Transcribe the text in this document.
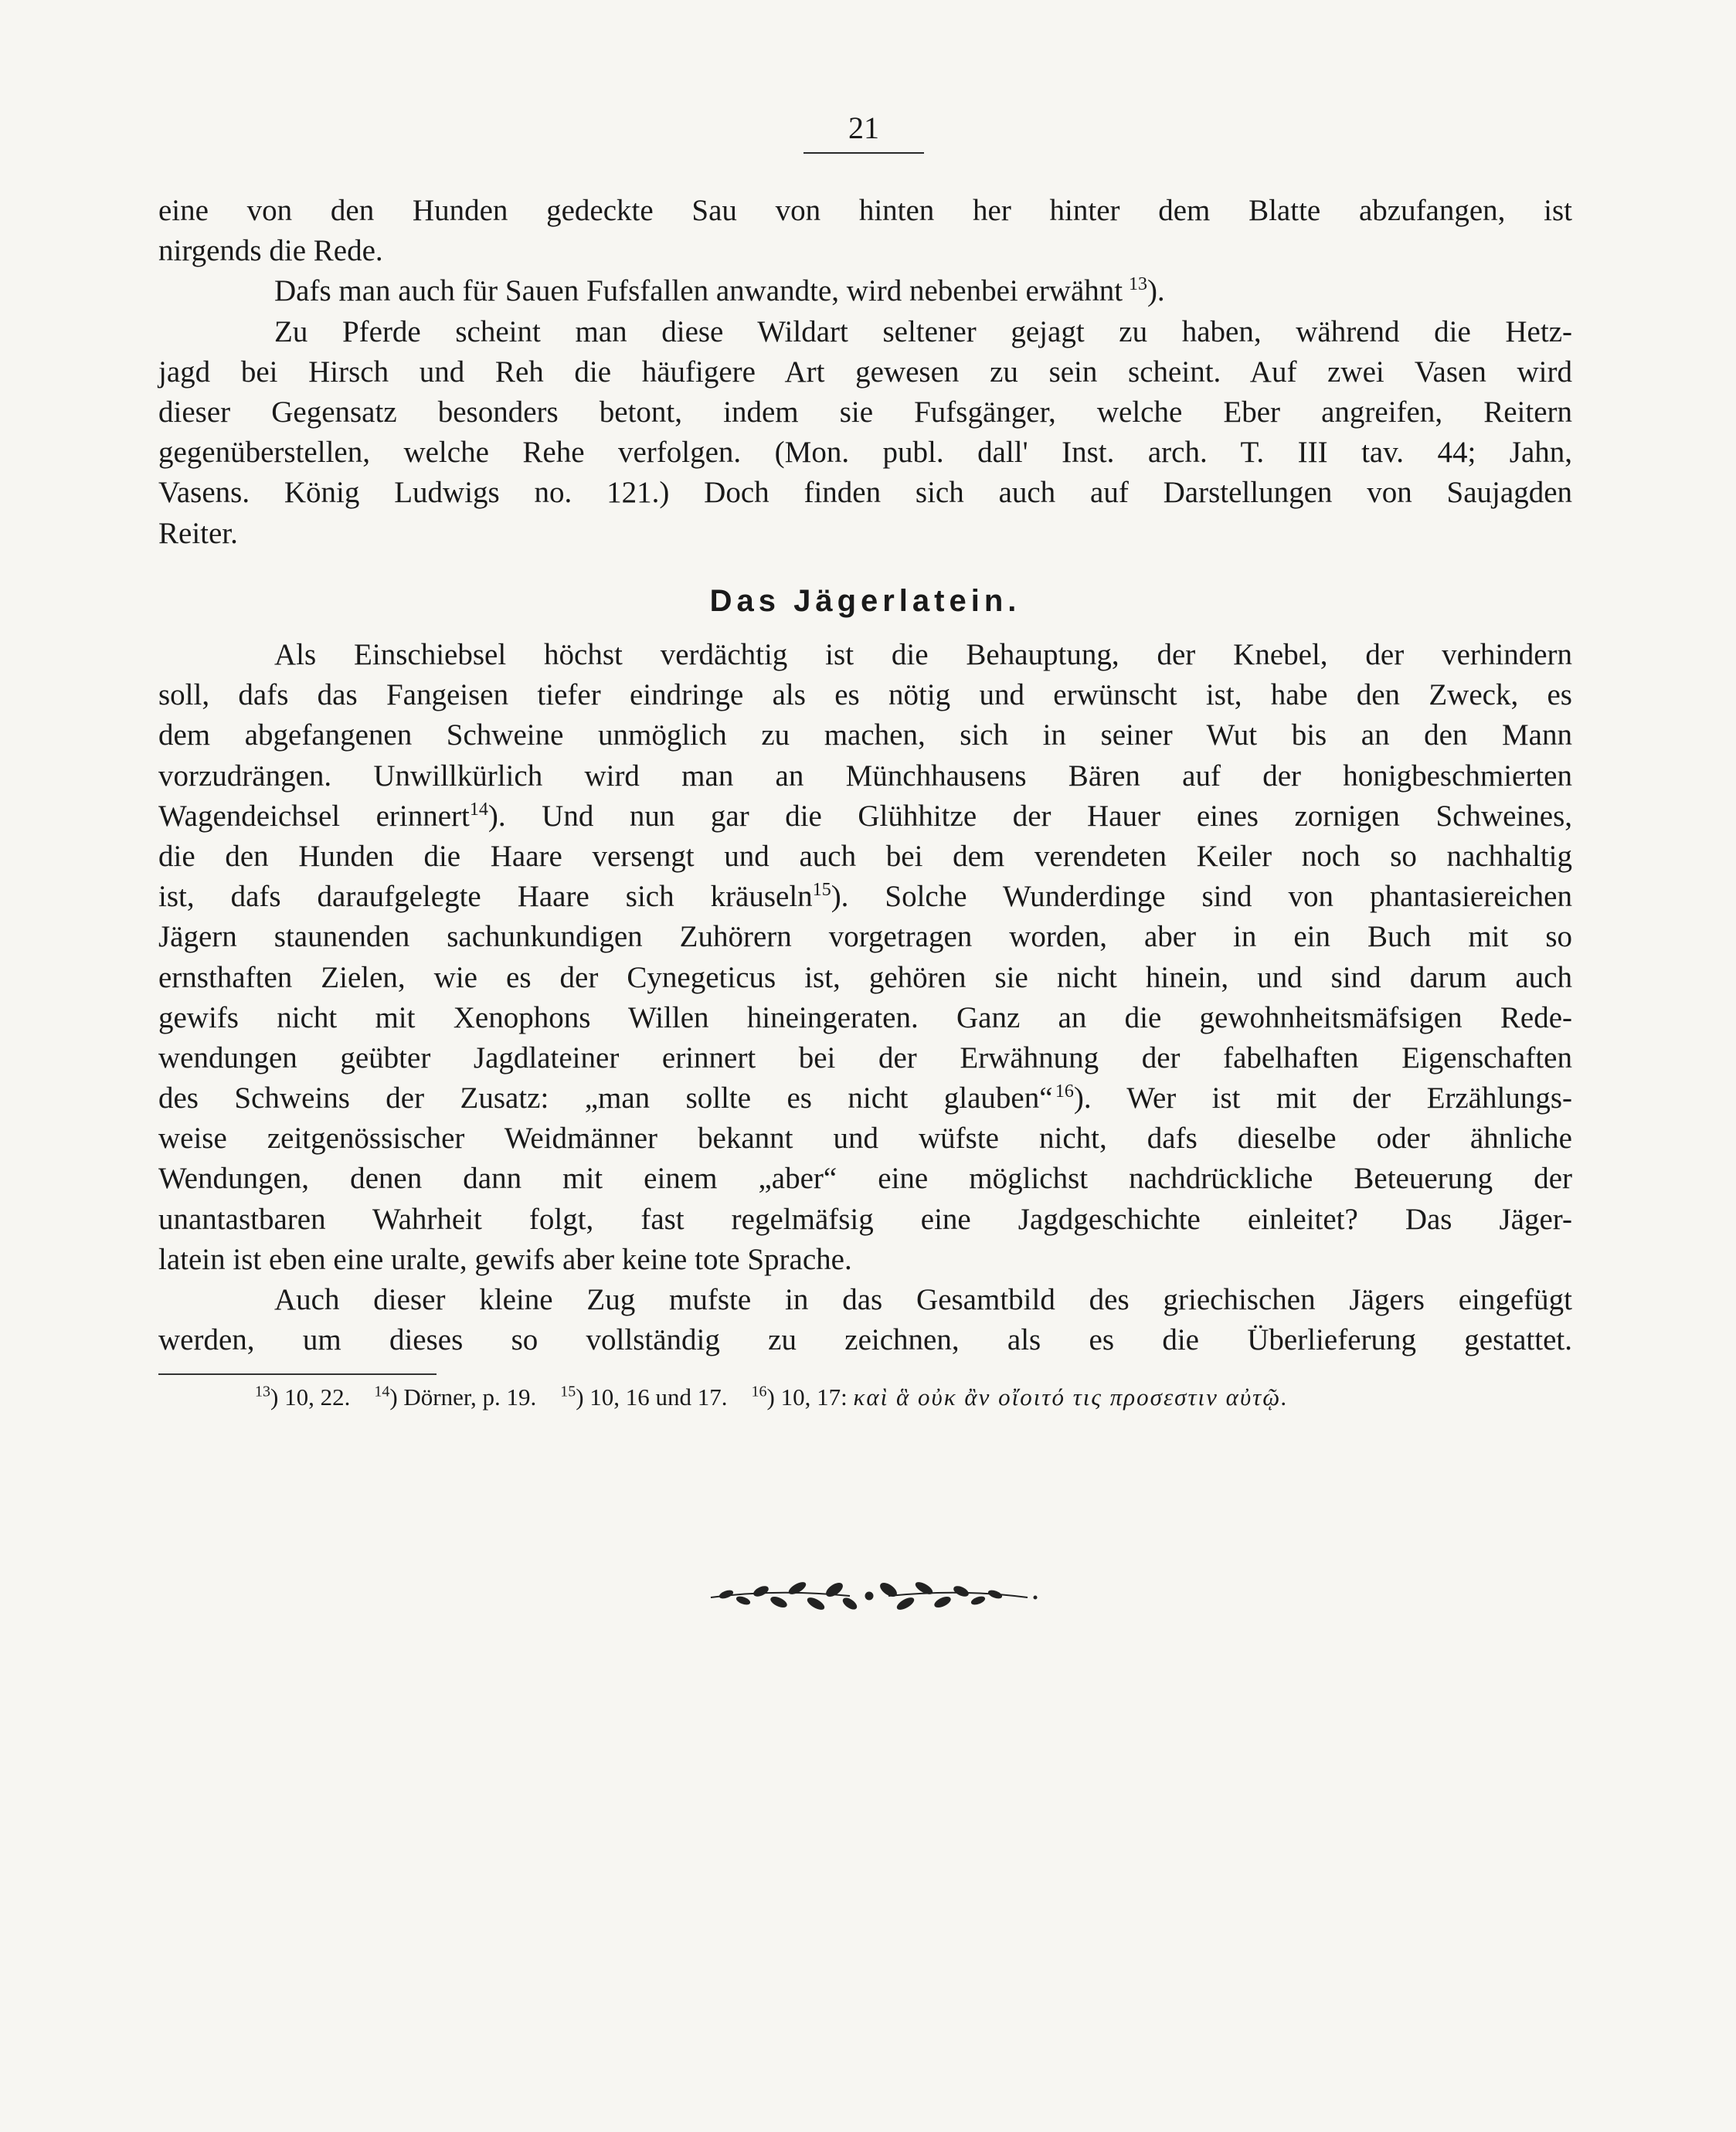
21
eine von den Hunden gedeckte Sau von hinten her hinter dem Blatte abzufangen, ist
nirgends die Rede.
Dafs man auch für Sauen Fufsfallen anwandte, wird nebenbei erwähnt  $^{13}$).
Zu Pferde scheint man diese Wildart seltener gejagt zu haben, während die Hetz-
jagd bei Hirsch und Reh die häufigere Art gewesen zu sein scheint. Auf zwei Vasen wird
dieser Gegensatz besonders betont, indem sie Fufsgänger, welche Eber angreifen, Reitern
gegenüberstellen, welche Rehe verfolgen. (Mon. publ. dall' Inst. arch. T. III tav. 44; Jahn,
Vasens. König Ludwigs no. 121.) Doch finden sich auch auf Darstellungen von Saujagden
Reiter.
Das Jägerlatein.
Als Einschiebsel höchst verdächtig ist die Behauptung, der Knebel, der verhindern
soll, dafs das Fangeisen tiefer eindringe als es nötig und erwünscht ist, habe den Zweck, es
dem abgefangenen Schweine unmöglich zu machen, sich in seiner Wut bis an den Mann
vorzudrängen. Unwillkürlich wird man an Münchhausens Bären auf der honigbeschmierten
Wagendeichsel erinnert$^{14}$). Und nun gar die Glühhitze der Hauer eines zornigen Schweines,
die den Hunden die Haare versengt und auch bei dem verendeten Keiler noch so nachhaltig
ist, dafs daraufgelegte Haare sich kräuseln$^{15}$). Solche Wunderdinge sind von phantasiereichen
Jägern staunenden sachunkundigen Zuhörern vorgetragen worden, aber in ein Buch mit so
ernsthaften Zielen, wie es der Cynegeticus ist, gehören sie nicht hinein, und sind darum auch
gewifs nicht mit Xenophons Willen hineingeraten. Ganz an die gewohnheitsmäfsigen Rede-
wendungen geübter Jagdlateiner erinnert bei der Erwähnung der fabelhaften Eigenschaften
des Schweins der Zusatz: „man sollte es nicht glauben“  $^{16}$). Wer ist mit der Erzählungs-
weise zeitgenössischer Weidmänner bekannt und wüfste nicht, dafs dieselbe oder ähnliche
Wendungen, denen dann mit einem „aber“ eine möglichst nachdrückliche Beteuerung der
unantastbaren Wahrheit folgt, fast regelmäfsig eine Jagdgeschichte einleitet? Das Jäger-
latein ist eben eine uralte, gewifs aber keine tote Sprache.
Auch dieser kleine Zug mufste in das Gesamtbild des griechischen Jägers eingefügt
werden, um dieses so vollständig zu zeichnen, als es die Überlieferung gestattet.
$^{13}$) 10, 22. $^{14}$) Dörner, p. 19. $^{15}$) 10, 16 und 17. $^{16}$) 10, 17: καὶ ἃ οὐκ ἂν οἴοιτό τις προσεστιν αὐτῷ.
